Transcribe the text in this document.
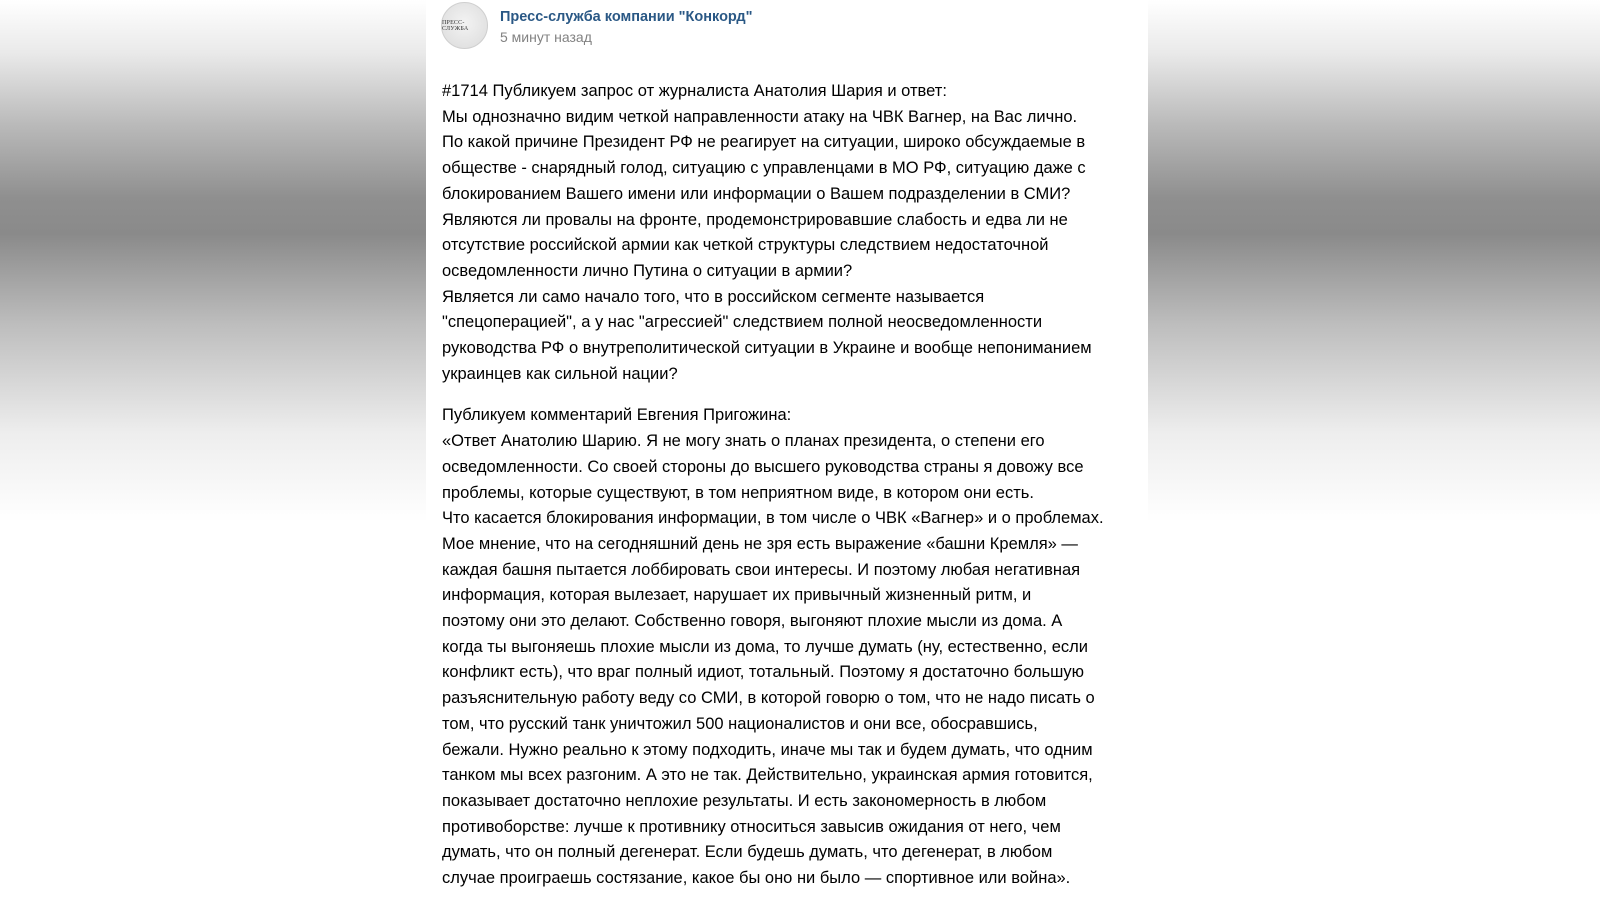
ПРЕСС-СЛУЖБА
Пресс-служба компании "Конкорд"
5 минут назад

#1714 Публикуем запрос от журналиста Анатолия Шария и ответ:

Мы однозначно видим четкой направленности атаку на ЧВК Вагнер, на Вас лично.

По какой причине Президент РФ не реагирует на ситуации, широко обсуждаемые в

обществе - снарядный голод, ситуацию с управленцами в МО РФ, ситуацию даже с

блокированием Вашего имени или информации о Вашем подразделении в СМИ?

Являются ли провалы на фронте, продемонстрировавшие слабость и едва ли не

отсутствие российской армии как четкой структуры следствием недостаточной

осведомленности лично Путина о ситуации в армии?

Является ли само начало того, что в российском сегменте называется

"спецоперацией", а у нас "агрессией" следствием полной неосведомленности

руководства РФ о внутреполитической ситуации в Украине и вообще непониманием

украинцев как сильной нации?

Публикуем комментарий Евгения Пригожина:

«Ответ Анатолию Шарию. Я не могу знать о планах президента, о степени его

осведомленности. Со своей стороны до высшего руководства страны я довожу все

проблемы, которые существуют, в том неприятном виде, в котором они есть.

Что касается блокирования информации, в том числе о ЧВК «Вагнер» и о проблемах.

Мое мнение, что на сегодняшний день не зря есть выражение «башни Кремля» —

каждая башня пытается лоббировать свои интересы. И поэтому любая негативная

информация, которая вылезает, нарушает их привычный жизненный ритм, и

поэтому они это делают. Собственно говоря, выгоняют плохие мысли из дома. А

когда ты выгоняешь плохие мысли из дома, то лучше думать (ну, естественно, если

конфликт есть), что враг полный идиот, тотальный. Поэтому я достаточно большую

разъяснительную работу веду со СМИ, в которой говорю о том, что не надо писать о

том, что русский танк уничтожил 500 националистов и они все, обосравшись,

бежали. Нужно реально к этому подходить, иначе мы так и будем думать, что одним

танком мы всех разгоним. А это не так. Действительно, украинская армия готовится,

показывает достаточно неплохие результаты. И есть закономерность в любом

противоборстве: лучше к противнику относиться завысив ожидания от него, чем

думать, что он полный дегенерат. Если будешь думать, что дегенерат, в любом

случае проиграешь состязание, какое бы оно ни было — спортивное или война».
